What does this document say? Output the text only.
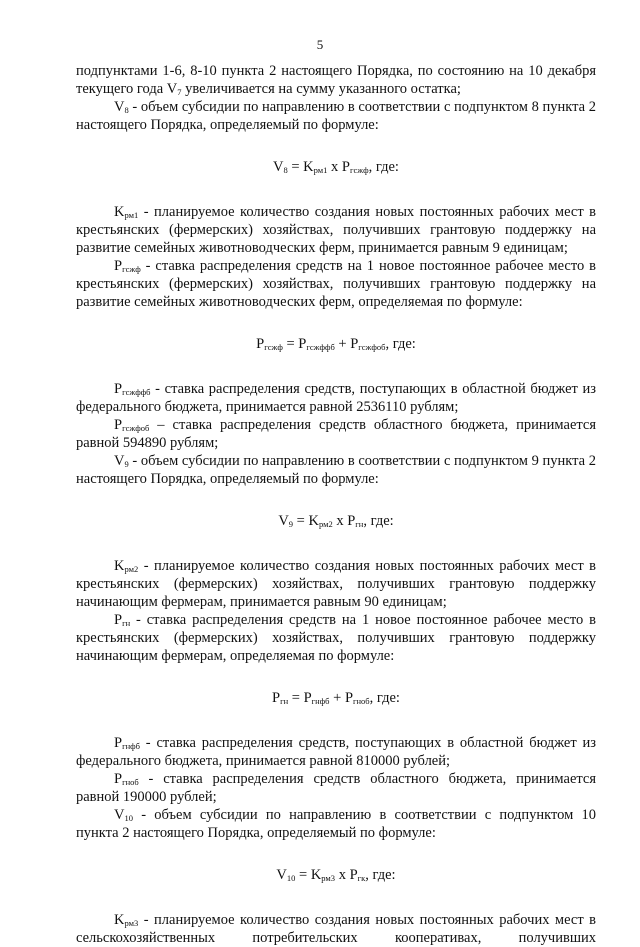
5

подпунктами 1-6, 8-10 пункта 2 настоящего Порядка, по состоянию на 10 декабря текущего года $V_7$ увеличивается на сумму указанного остатка;

$V_8$ - объем субсидии по направлению в соответствии с подпунктом 8 пункта 2 настоящего Порядка, определяемый по формуле:

$V_8 = K_{рм1}$ x $P_{гсжф}$, где:

$K_{рм1}$ - планируемое количество создания новых постоянных рабочих мест в крестьянских (фермерских) хозяйствах, получивших грантовую поддержку на развитие семейных животноводческих ферм, принимается равным 9 единицам;

$P_{гсжф}$ - ставка распределения средств на 1 новое постоянное рабочее место в крестьянских (фермерских) хозяйствах, получивших грантовую поддержку на развитие семейных животноводческих ферм, определяемая по формуле:

$P_{гсжф} = P_{гсжффб} + P_{гсжфоб}$, где:

$P_{гсжффб}$ - ставка распределения средств, поступающих в областной бюджет из федерального бюджета, принимается равной 2536110 рублям;

$P_{гсжфоб}$ – ставка распределения средств областного бюджета, принимается равной 594890 рублям;

$V_9$ - объем субсидии по направлению в соответствии с подпунктом 9 пункта 2 настоящего Порядка, определяемый по формуле:

$V_9 = K_{рм2}$ x $P_{гн}$, где:

$K_{рм2}$ - планируемое количество создания новых постоянных рабочих мест в крестьянских (фермерских) хозяйствах, получивших грантовую поддержку начинающим фермерам, принимается равным 90 единицам;

$P_{гн}$ - ставка распределения средств на 1 новое постоянное рабочее место в крестьянских (фермерских) хозяйствах, получивших грантовую поддержку начинающим фермерам, определяемая по формуле:

$P_{гн} = P_{гнфб} + P_{гноб}$, где:

$P_{гнфб}$ - ставка распределения средств, поступающих в областной бюджет из федерального бюджета, принимается равной 810000 рублей;

$P_{гноб}$ - ставка распределения средств областного бюджета, принимается равной 190000 рублей;

$V_{10}$ - объем субсидии по направлению в соответствии с подпунктом 10 пункта 2 настоящего Порядка, определяемый по формуле:

$V_{10} = K_{рм3}$ x $P_{гк}$, где:

$K_{рм3}$ - планируемое количество создания новых постоянных рабочих мест в сельскохозяйственных потребительских кооперативах, получивших
